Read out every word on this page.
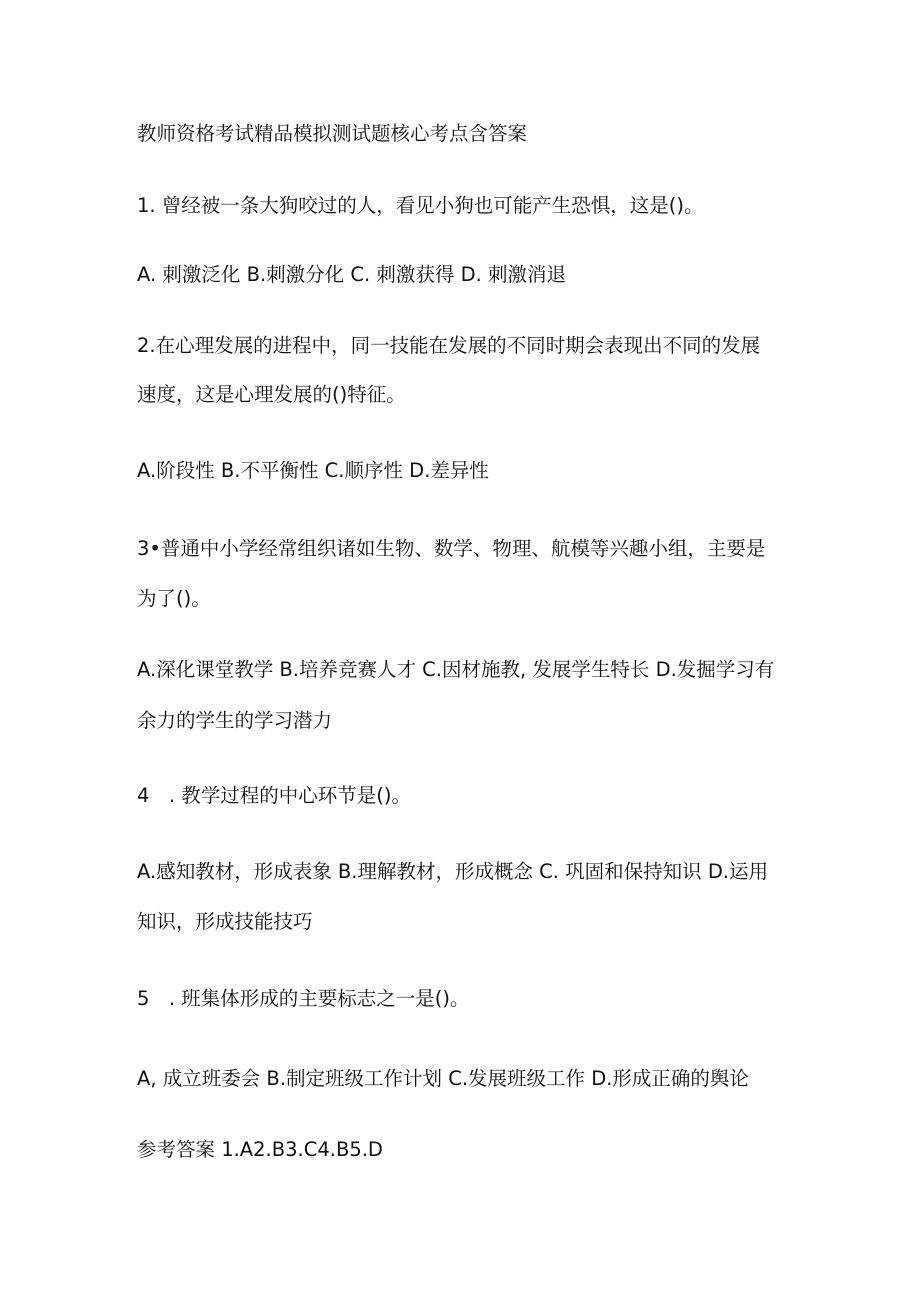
教师资格考试精品模拟测试题核心考点含答案
1. 曾经被一条大狗咬过的人，看见小狗也可能产生恐惧，这是()。
A. 刺激泛化 B.刺激分化 C. 刺激获得 D. 刺激消退
2.在心理发展的进程中，同一技能在发展的不同时期会表现出不同的发展
速度，这是心理发展的()特征。
A.阶段性 B.不平衡性 C.顺序性 D.差异性
3•普通中小学经常组织诸如生物、数学、物理、航模等兴趣小组，主要是
为了()。
A.深化课堂教学 B.培养竞赛人才 C.因材施教, 发展学生特长 D.发掘学习有
余力的学生的学习潜力
4　. 教学过程的中心环节是()。
A.感知教材，形成表象 B.理解教材，形成概念 C. 巩固和保持知识 D.运用
知识，形成技能技巧
5　. 班集体形成的主要标志之一是()。
A, 成立班委会 B.制定班级工作计划 C.发展班级工作 D.形成正确的舆论
参考答案 1.A2.B3.C4.B5.D
